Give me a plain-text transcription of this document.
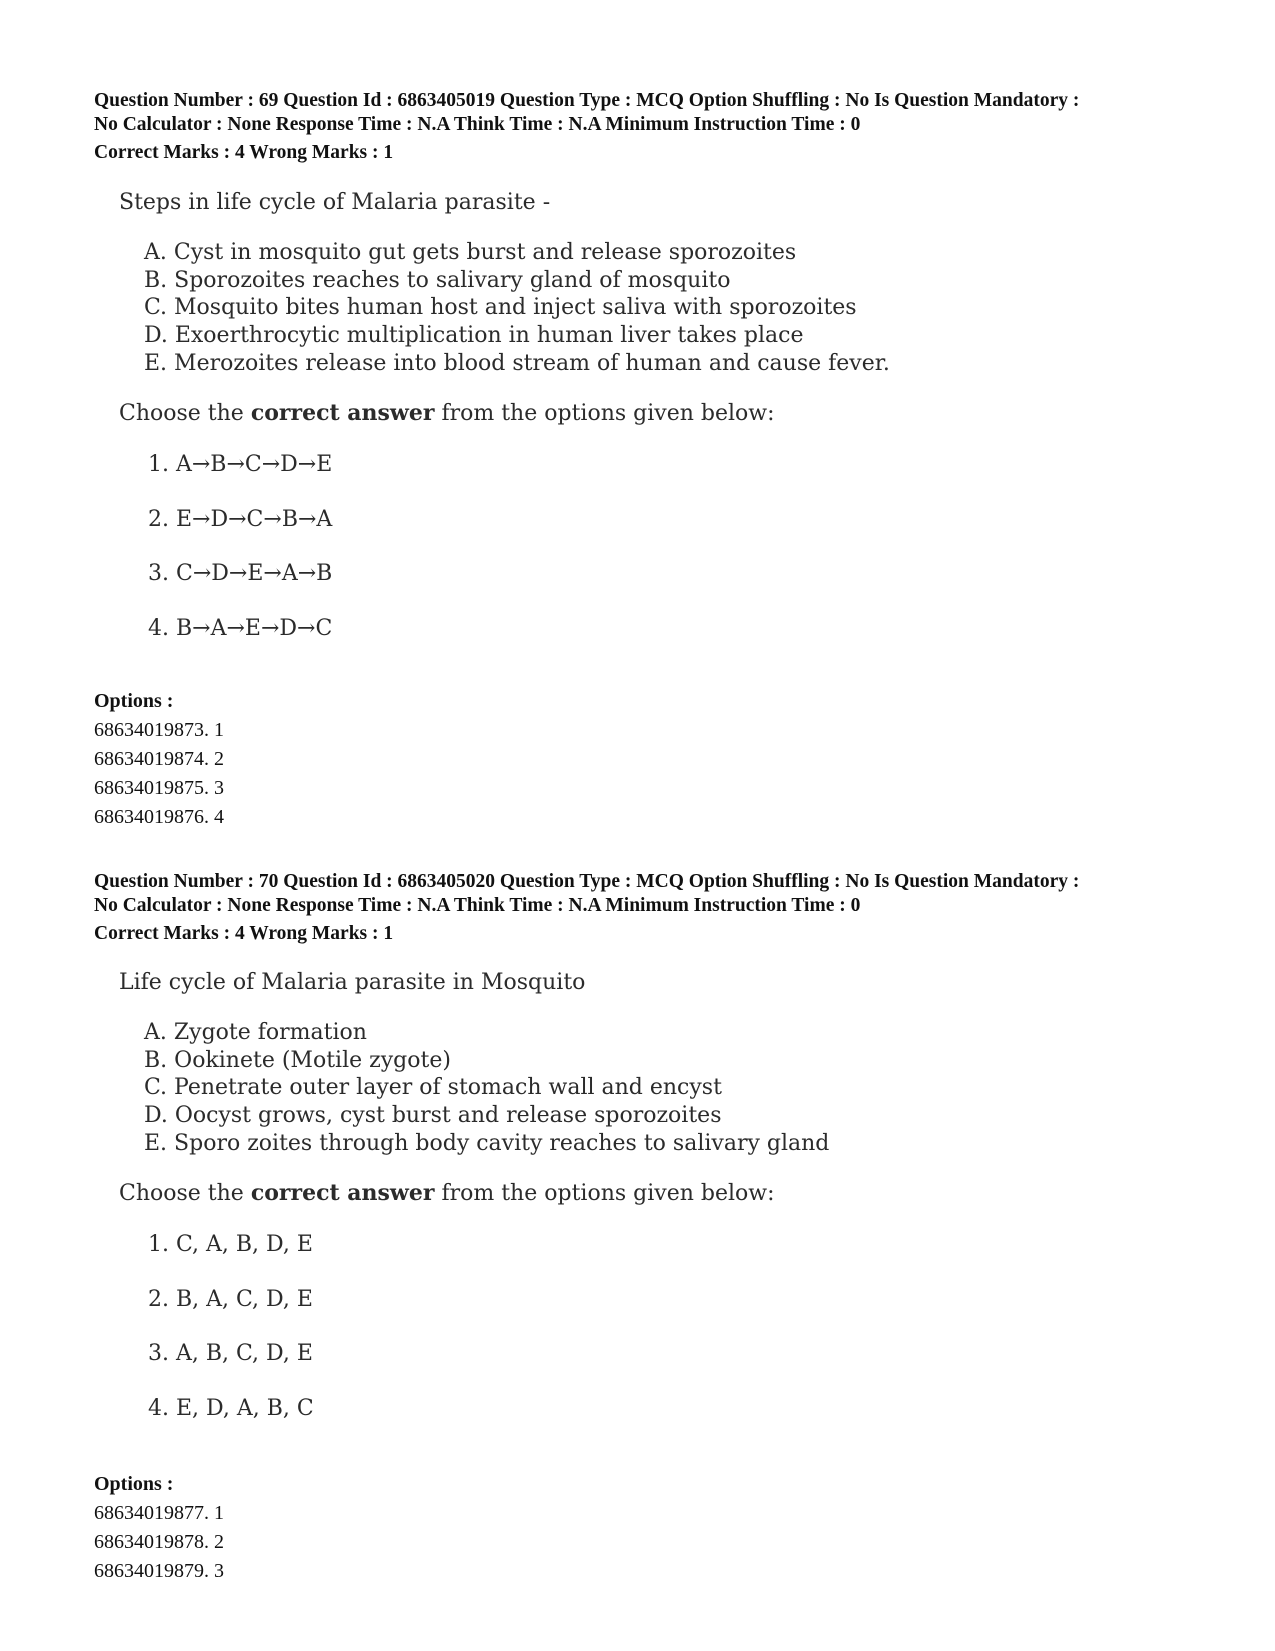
Question Number : 69 Question Id : 6863405019 Question Type : MCQ Option Shuffling : No Is Question Mandatory :
No Calculator : None Response Time : N.A Think Time : N.A Minimum Instruction Time : 0

Correct Marks : 4 Wrong Marks : 1

Steps in life cycle of Malaria parasite -

A. Cyst in mosquito gut gets burst and release sporozoites
B. Sporozoites reaches to salivary gland of mosquito
C. Mosquito bites human host and inject saliva with sporozoites
D. Exoerthrocytic multiplication in human liver takes place
E. Merozoites release into blood stream of human and cause fever.

Choose the correct answer from the options given below:

1. A→B→C→D→E
2. E→D→C→B→A
3. C→D→E→A→B
4. B→A→E→D→C

Options :

68634019873. 1
68634019874. 2
68634019875. 3
68634019876. 4

Question Number : 70 Question Id : 6863405020 Question Type : MCQ Option Shuffling : No Is Question Mandatory :
No Calculator : None Response Time : N.A Think Time : N.A Minimum Instruction Time : 0

Correct Marks : 4 Wrong Marks : 1

Life cycle of Malaria parasite in Mosquito

A. Zygote formation
B. Ookinete (Motile zygote)
C. Penetrate outer layer of stomach wall and encyst
D. Oocyst grows, cyst burst and release sporozoites
E. Sporo zoites through body cavity reaches to salivary gland

Choose the correct answer from the options given below:

1. C, A, B, D, E
2. B, A, C, D, E
3. A, B, C, D, E
4. E, D, A, B, C

Options :

68634019877. 1
68634019878. 2
68634019879. 3
